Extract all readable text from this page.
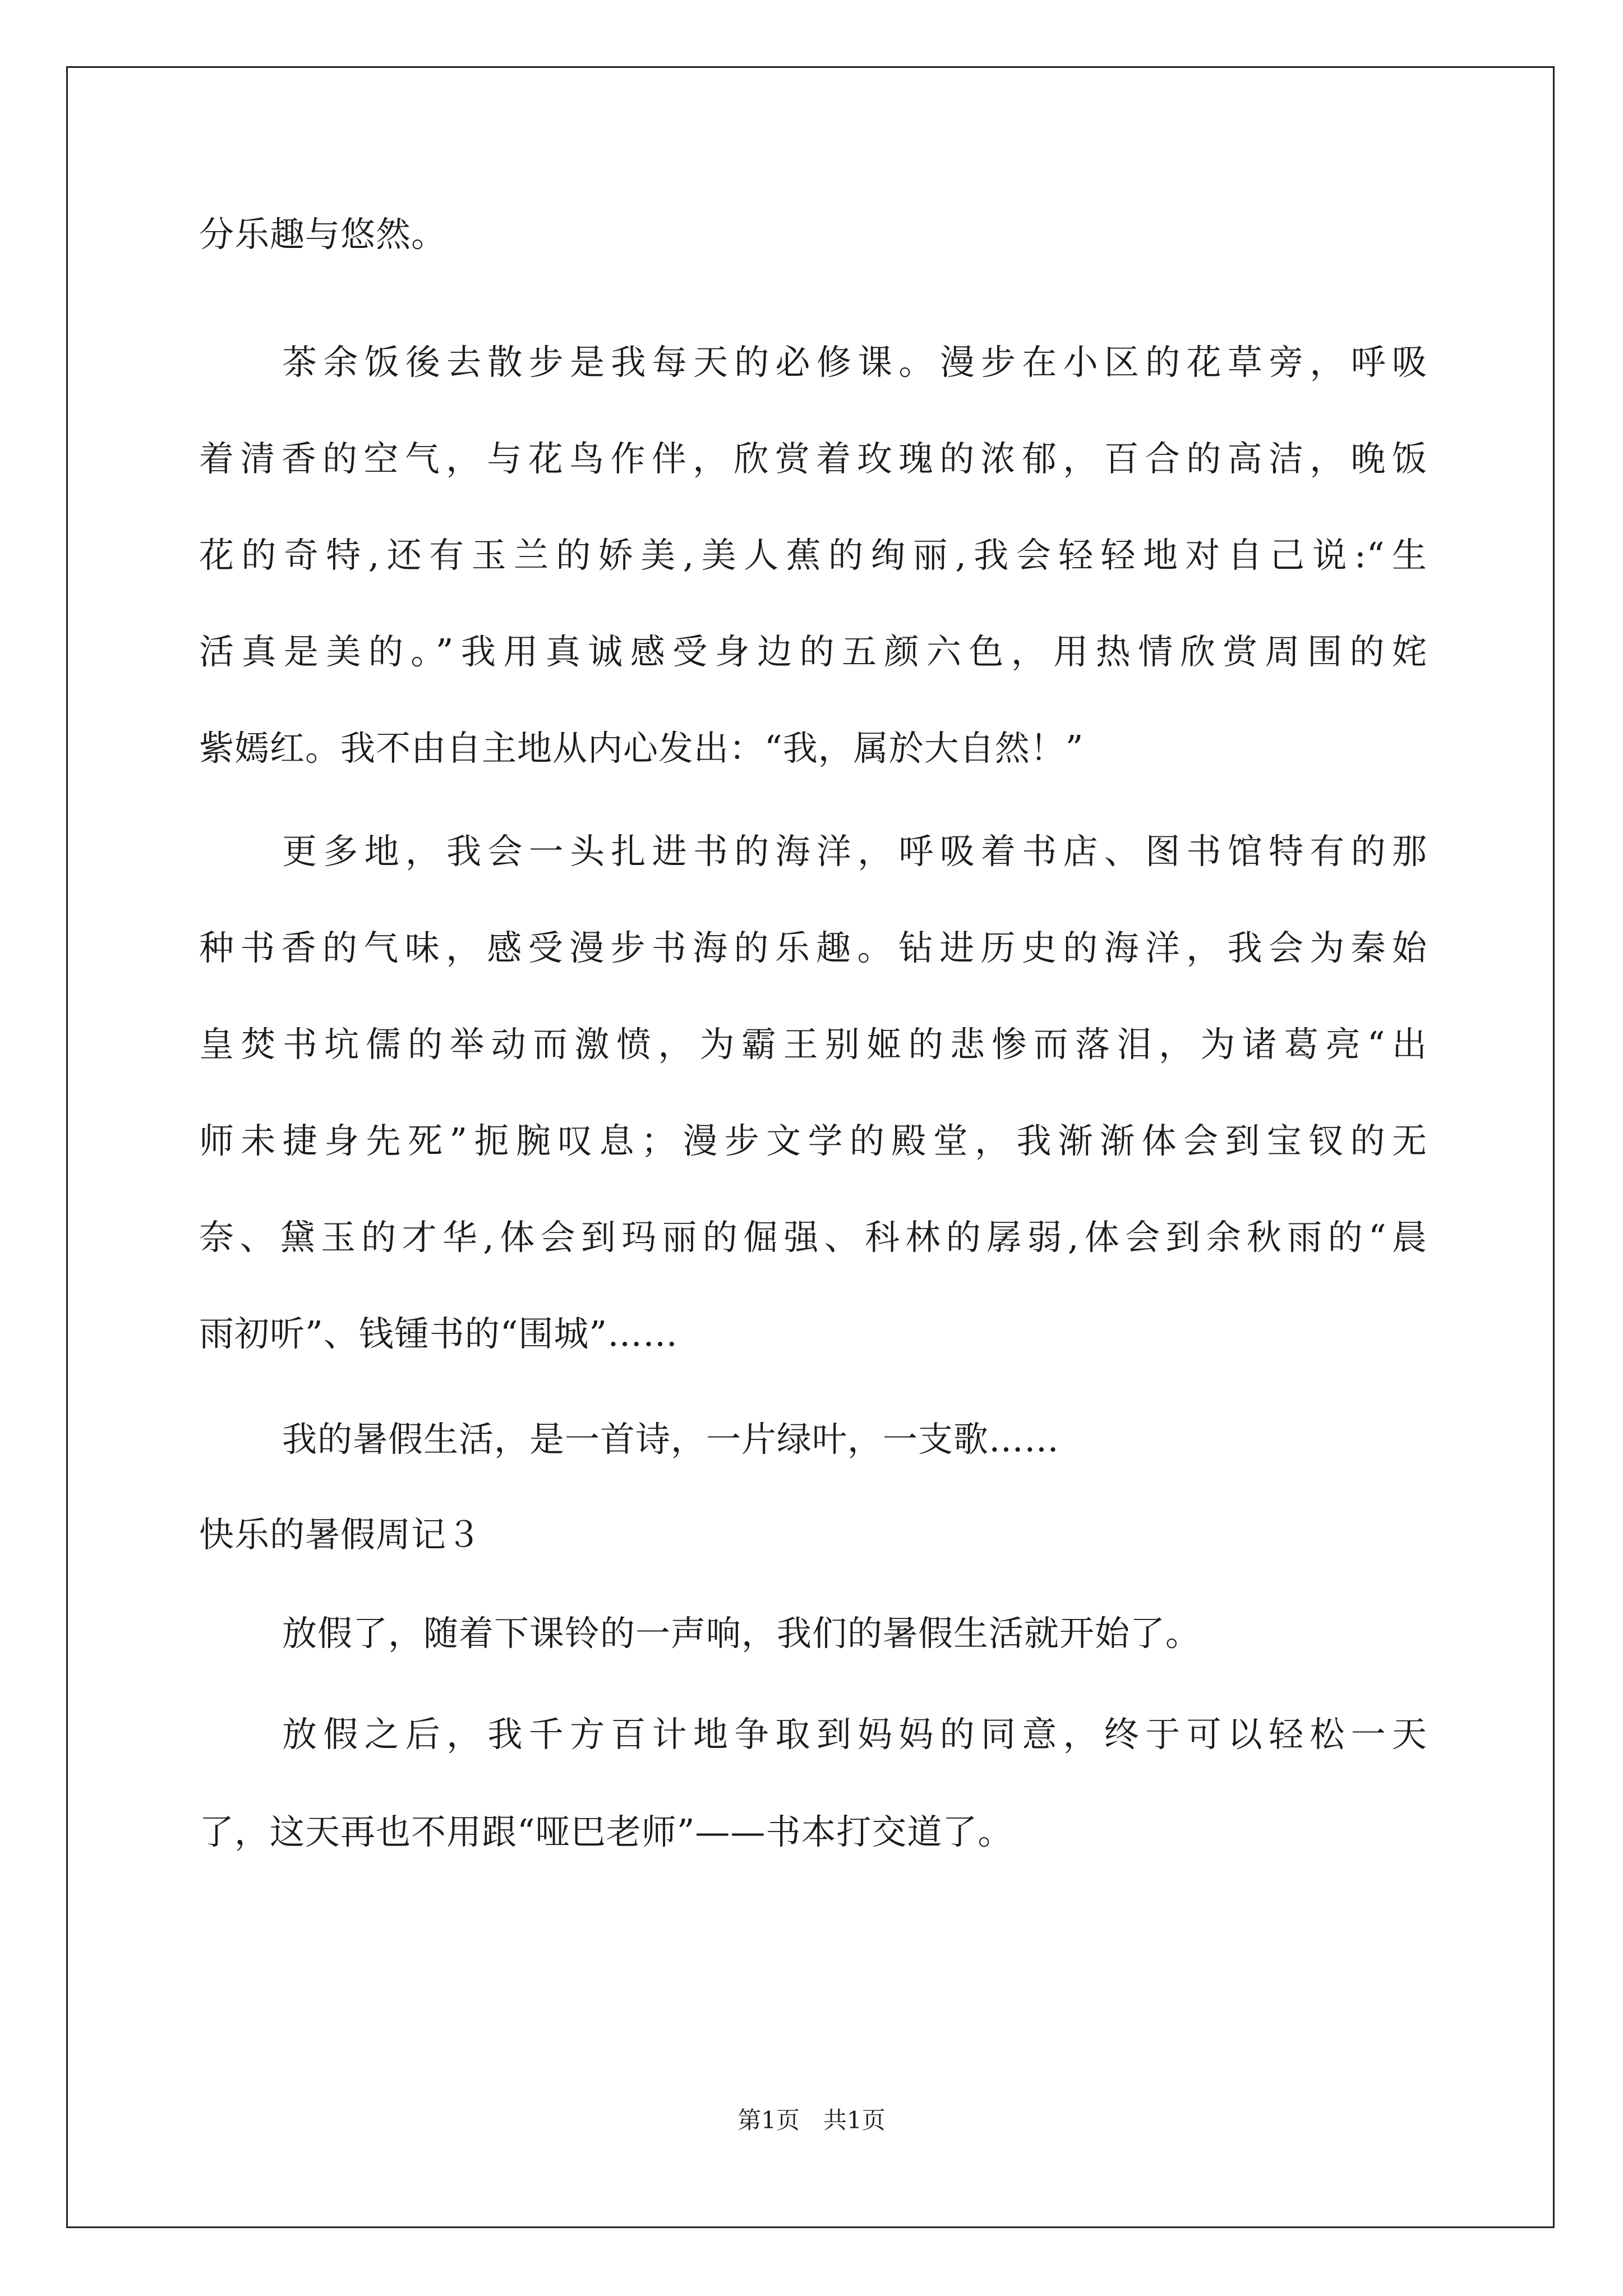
分乐趣与悠然。
茶余饭後去散步是我每天的必修课。漫步在小区的花草旁，呼吸
着清香的空气，与花鸟作伴，欣赏着玫瑰的浓郁，百合的高洁，晚饭
花的奇特,还有玉兰的娇美,美人蕉的绚丽,我会轻轻地对自己说:“生
活真是美的。”我用真诚感受身边的五颜六色，用热情欣赏周围的姹
紫嫣红。我不由自主地从内心发出：“我，属於大自然！”
更多地，我会一头扎进书的海洋，呼吸着书店、图书馆特有的那
种书香的气味，感受漫步书海的乐趣。钻进历史的海洋，我会为秦始
皇焚书坑儒的举动而激愤，为霸王别姬的悲惨而落泪，为诸葛亮“出
师未捷身先死”扼腕叹息；漫步文学的殿堂，我渐渐体会到宝钗的无
奈、黛玉的才华,体会到玛丽的倔强、科林的孱弱,体会到余秋雨的“晨
雨初听”、钱锺书的“围城”……
我的暑假生活，是一首诗，一片绿叶，一支歌……
快乐的暑假周记３
放假了，随着下课铃的一声响，我们的暑假生活就开始了。
放假之后，我千方百计地争取到妈妈的同意，终于可以轻松一天
了，这天再也不用跟“哑巴老师”——书本打交道了。
第1页　共1页
